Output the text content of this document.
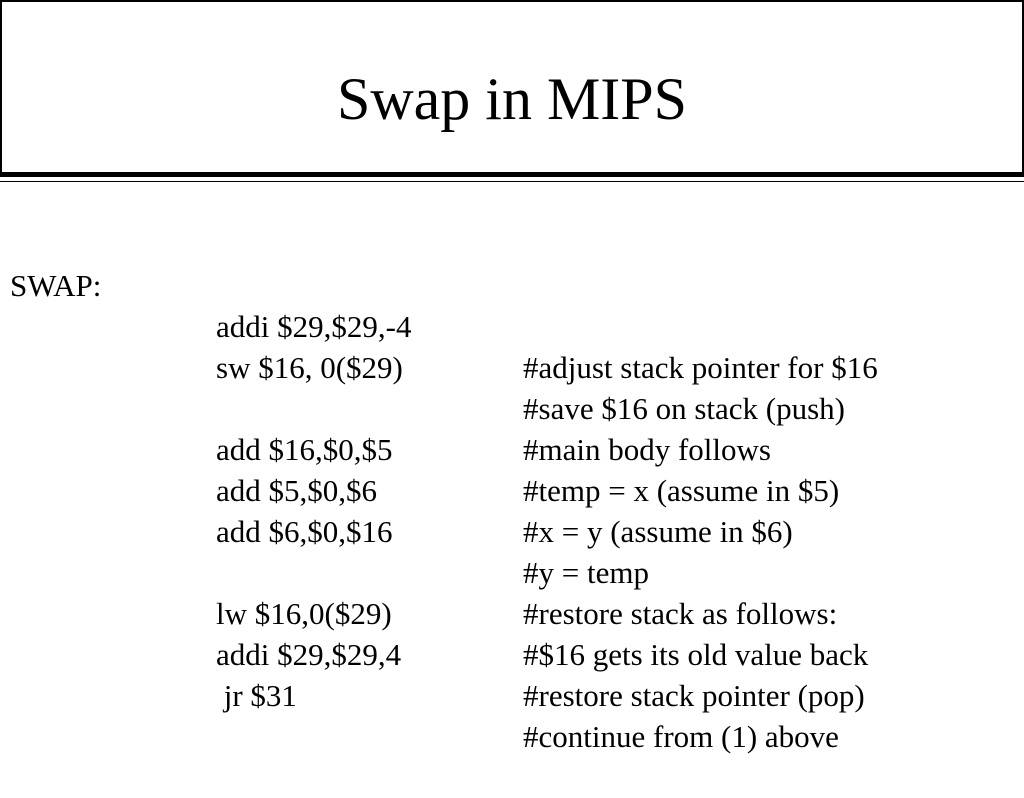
Swap in MIPS

SWAP:

addi $29,$29,-4

#adjust stack pointer for $16

sw $16, 0($29)

#save $16 on stack (push)

#main body follows

add $16,$0,$5

#temp = x (assume in $5)

add $5,$0,$6

#x = y (assume in $6)

add $6,$0,$16

#y = temp

#restore stack as follows:

lw $16,0($29)

#$16 gets its old value back

addi $29,$29,4

#restore stack pointer (pop)

jr $31

#continue from (1) above
